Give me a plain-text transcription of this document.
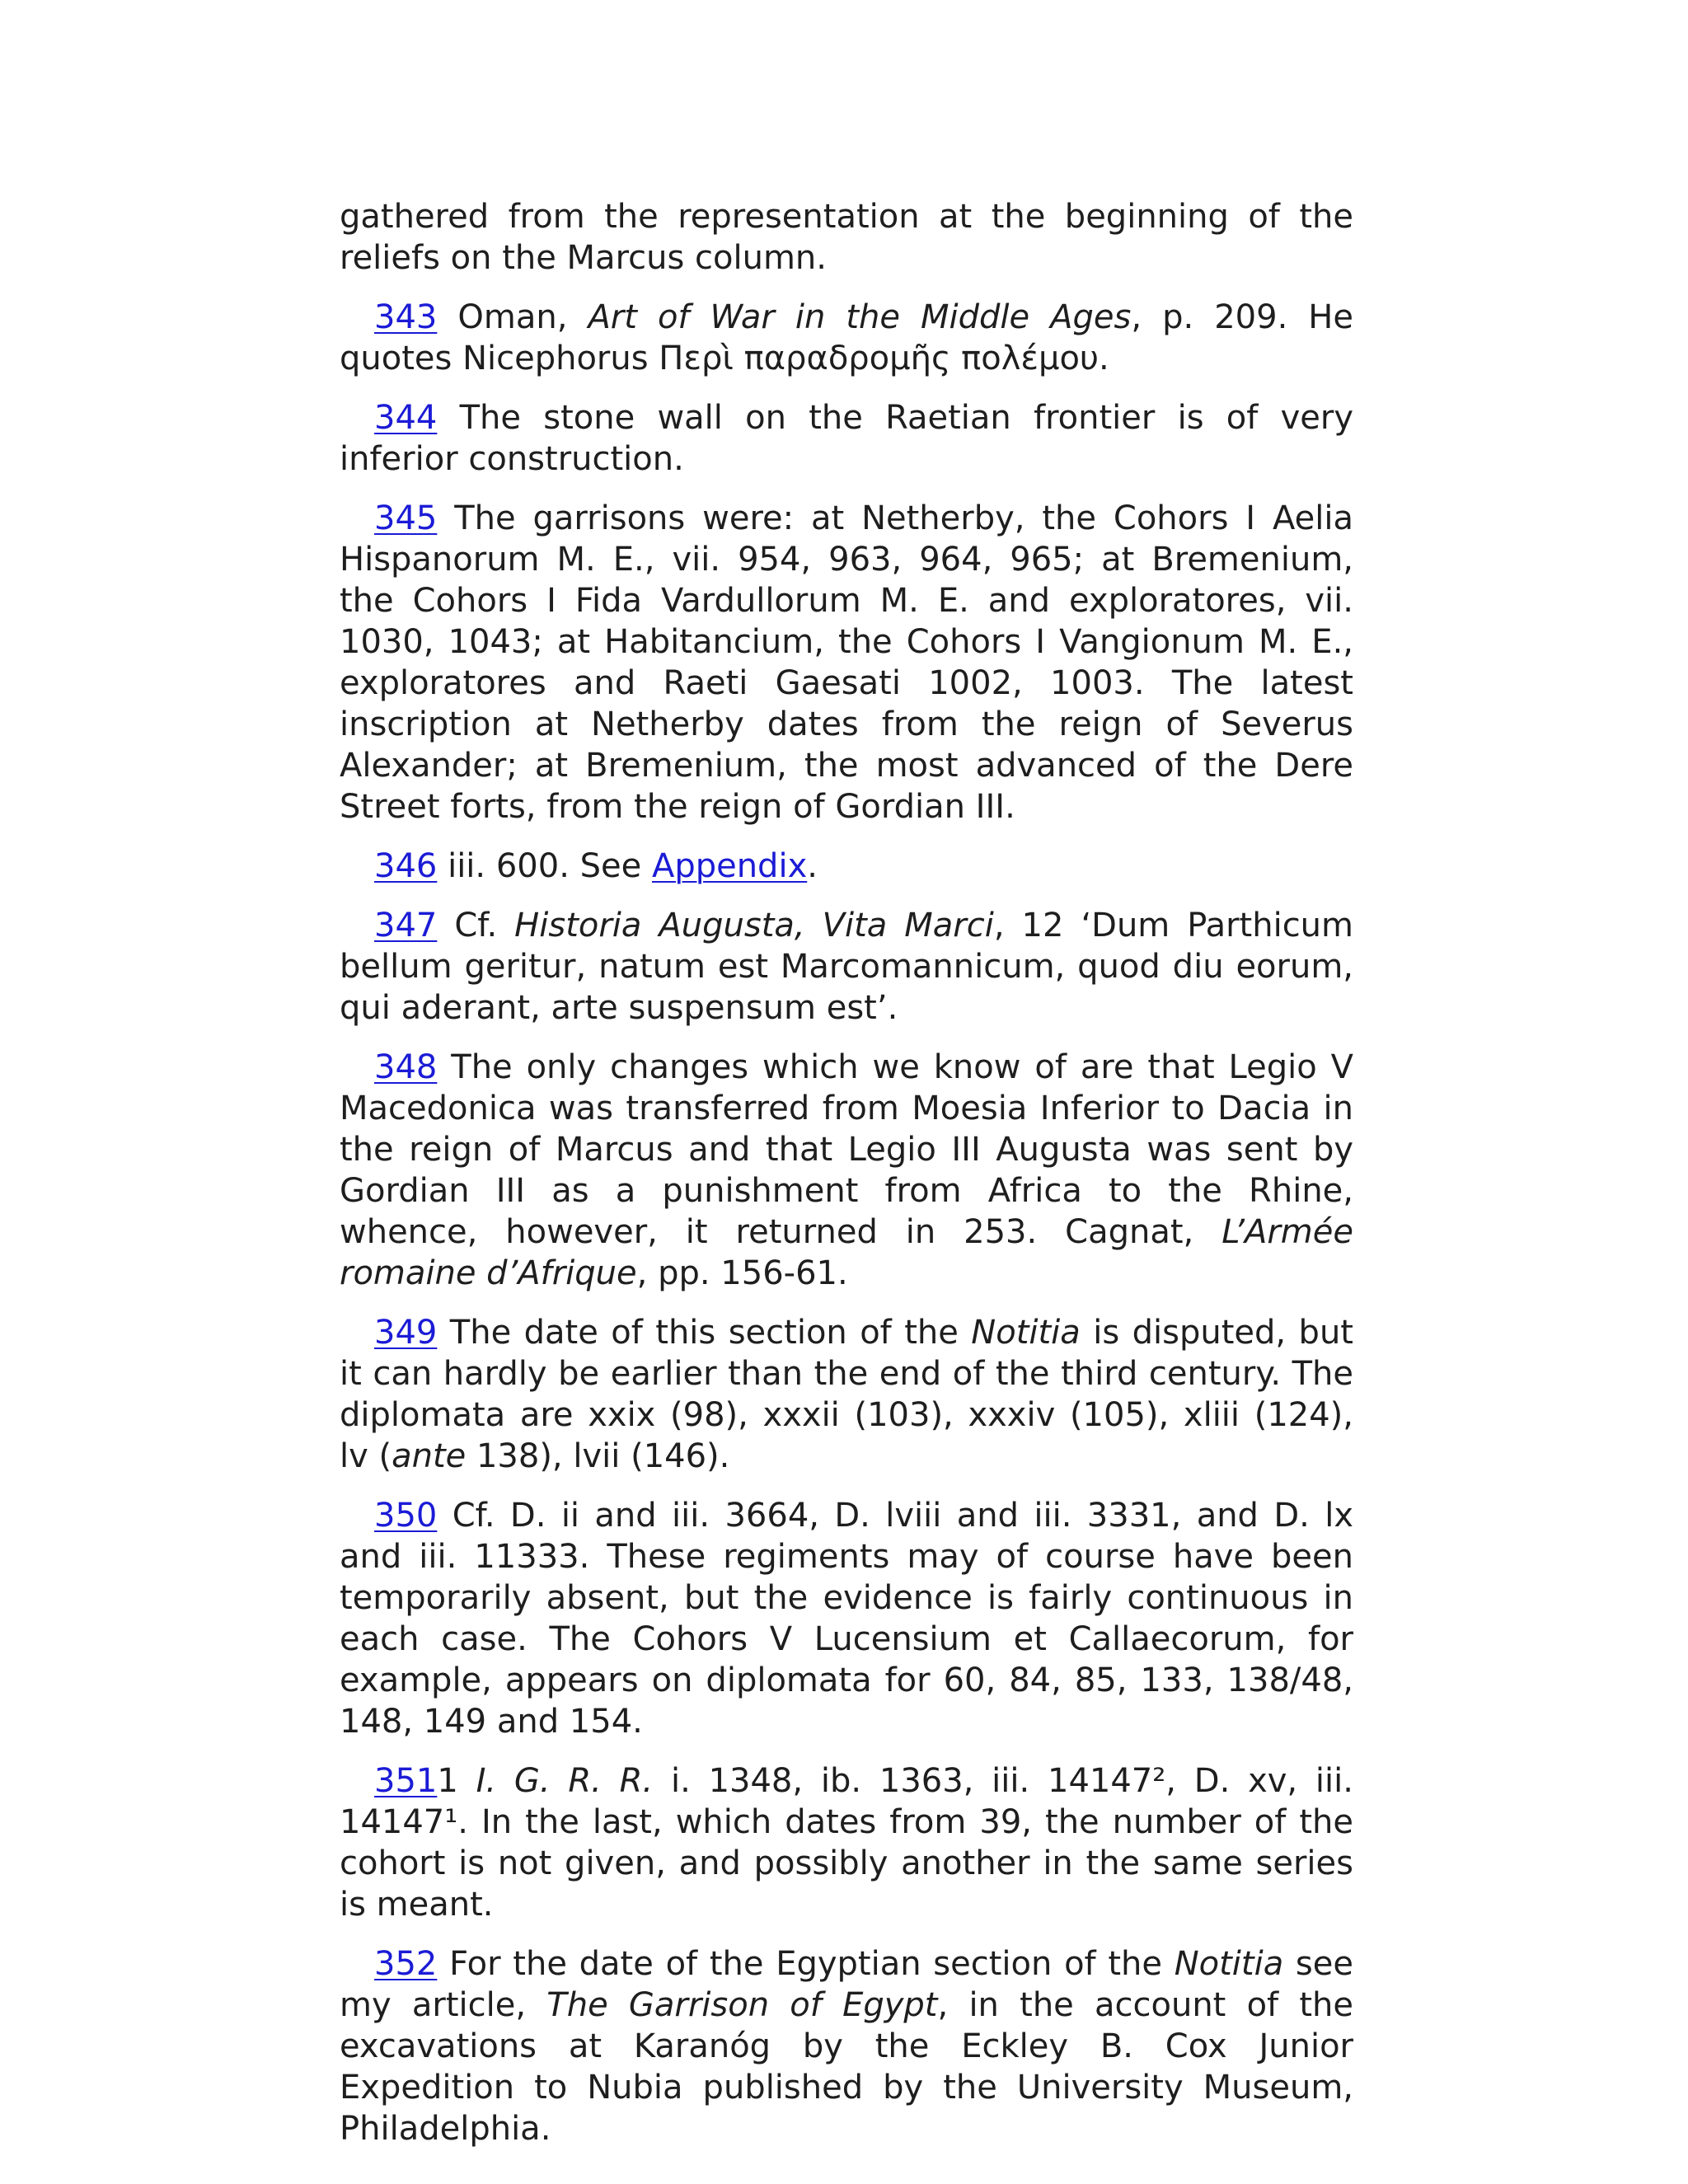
gathered from the representation at the beginning of the reliefs on the Marcus column.

343 Oman, Art of War in the Middle Ages, p. 209. He quotes Nicephorus Περὶ παραδρομῆς πολέμου.

344 The stone wall on the Raetian frontier is of very inferior construction.

345 The garrisons were: at Netherby, the Cohors I Aelia Hispanorum M. E., vii. 954, 963, 964, 965; at Bremenium, the Cohors I Fida Vardullorum M. E. and exploratores, vii. 1030, 1043; at Habitancium, the Cohors I Vangionum M. E., exploratores and Raeti Gaesati 1002, 1003. The latest inscription at Netherby dates from the reign of Severus Alexander; at Bremenium, the most advanced of the Dere Street forts, from the reign of Gordian III.

346 iii. 600. See Appendix.

347 Cf. Historia Augusta, Vita Marci, 12 ‘Dum Parthicum bellum geritur, natum est Marcomannicum, quod diu eorum, qui aderant, arte suspensum est’.

348 The only changes which we know of are that Legio V Macedonica was transferred from Moesia Inferior to Dacia in the reign of Marcus and that Legio III Augusta was sent by Gordian III as a punishment from Africa to the Rhine, whence, however, it returned in 253. Cagnat, L’Armée romaine d’Afrique, pp. 156-61.

349 The date of this section of the Notitia is disputed, but it can hardly be earlier than the end of the third century. The diplomata are xxix (98), xxxii (103), xxxiv (105), xliii (124), lv (ante 138), lvii (146).

350 Cf. D. ii and iii. 3664, D. lviii and iii. 3331, and D. lx and iii. 11333. These regiments may of course have been temporarily absent, but the evidence is fairly continuous in each case. The Cohors V Lucensium et Callaecorum, for example, appears on diplomata for 60, 84, 85, 133, 138/48, 148, 149 and 154.

3511 I. G. R. R. i. 1348, ib. 1363, iii. 14147², D. xv, iii. 14147¹. In the last, which dates from 39, the number of the cohort is not given, and possibly another in the same series is meant.

352 For the date of the Egyptian section of the Notitia see my article, The Garrison of Egypt, in the account of the excavations at Karanóg by the Eckley B. Cox Junior Expedition to Nubia published by the University Museum, Philadelphia.
